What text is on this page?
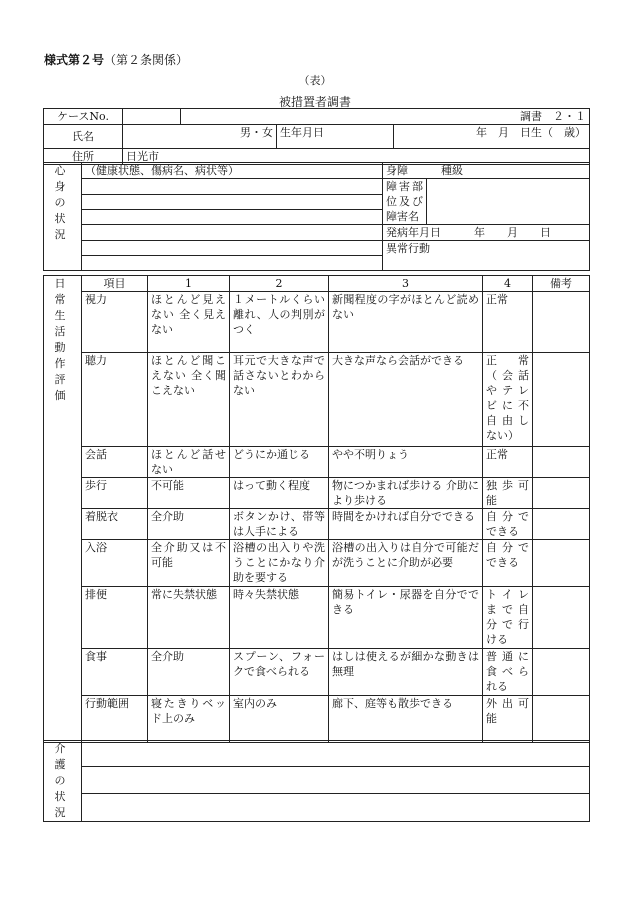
様式第２号（第２条関係）
（表）
被措置者調書
ケースNo.		調書　 ２・１		
氏名	男・女		生年月日	年　月　日生（　歳）
住所	日光市			
心身の状況	（健康状態、傷病名、病状等）	身障　　　 種級	
		障害部位及び障害名	

		発病年月日　　　 年　　月　　日	
		異常行動	

日常生活動作評価	項目	1	2	3	4	備考
	視力	ほとんど見えない 全く見えない	１メートルくらい離れ、人の判別がつく	新聞程度の字がほとんど読めない	正常	
	聴力	ほとんど聞こえない 全く聞こえない	耳元で大きな声で話さないとわからない	大きな声なら会話ができる	正常 （会話やテレビに不自由しない）	
	会話	ほとんど話せない	どうにか通じる	やや不明りょう	正常	
	歩行	不可能	はって動く程度	物につかまれば歩ける 介助により歩ける	独歩可能	
	着脱衣	全介助	ボタンかけ、帯等は人手による	時間をかければ自分でできる	自分でできる	
	入浴	全介助又は不可能	浴槽の出入りや洗うことにかなり介助を要する	浴槽の出入りは自分で可能だが洗うことに介助が必要	自分でできる	
	排便	常に失禁状態	時々失禁状態	簡易トイレ・尿器を自分でできる	トイレまで自分で行ける	
	食事	全介助	スプーン、フォークで食べられる	はしは使えるが細かな動きは無理	普通に食べられる	
	行動範囲	寝たきりベッド上のみ	室内のみ	廊下、庭等も散歩できる	外出可能	
介護の状況	
